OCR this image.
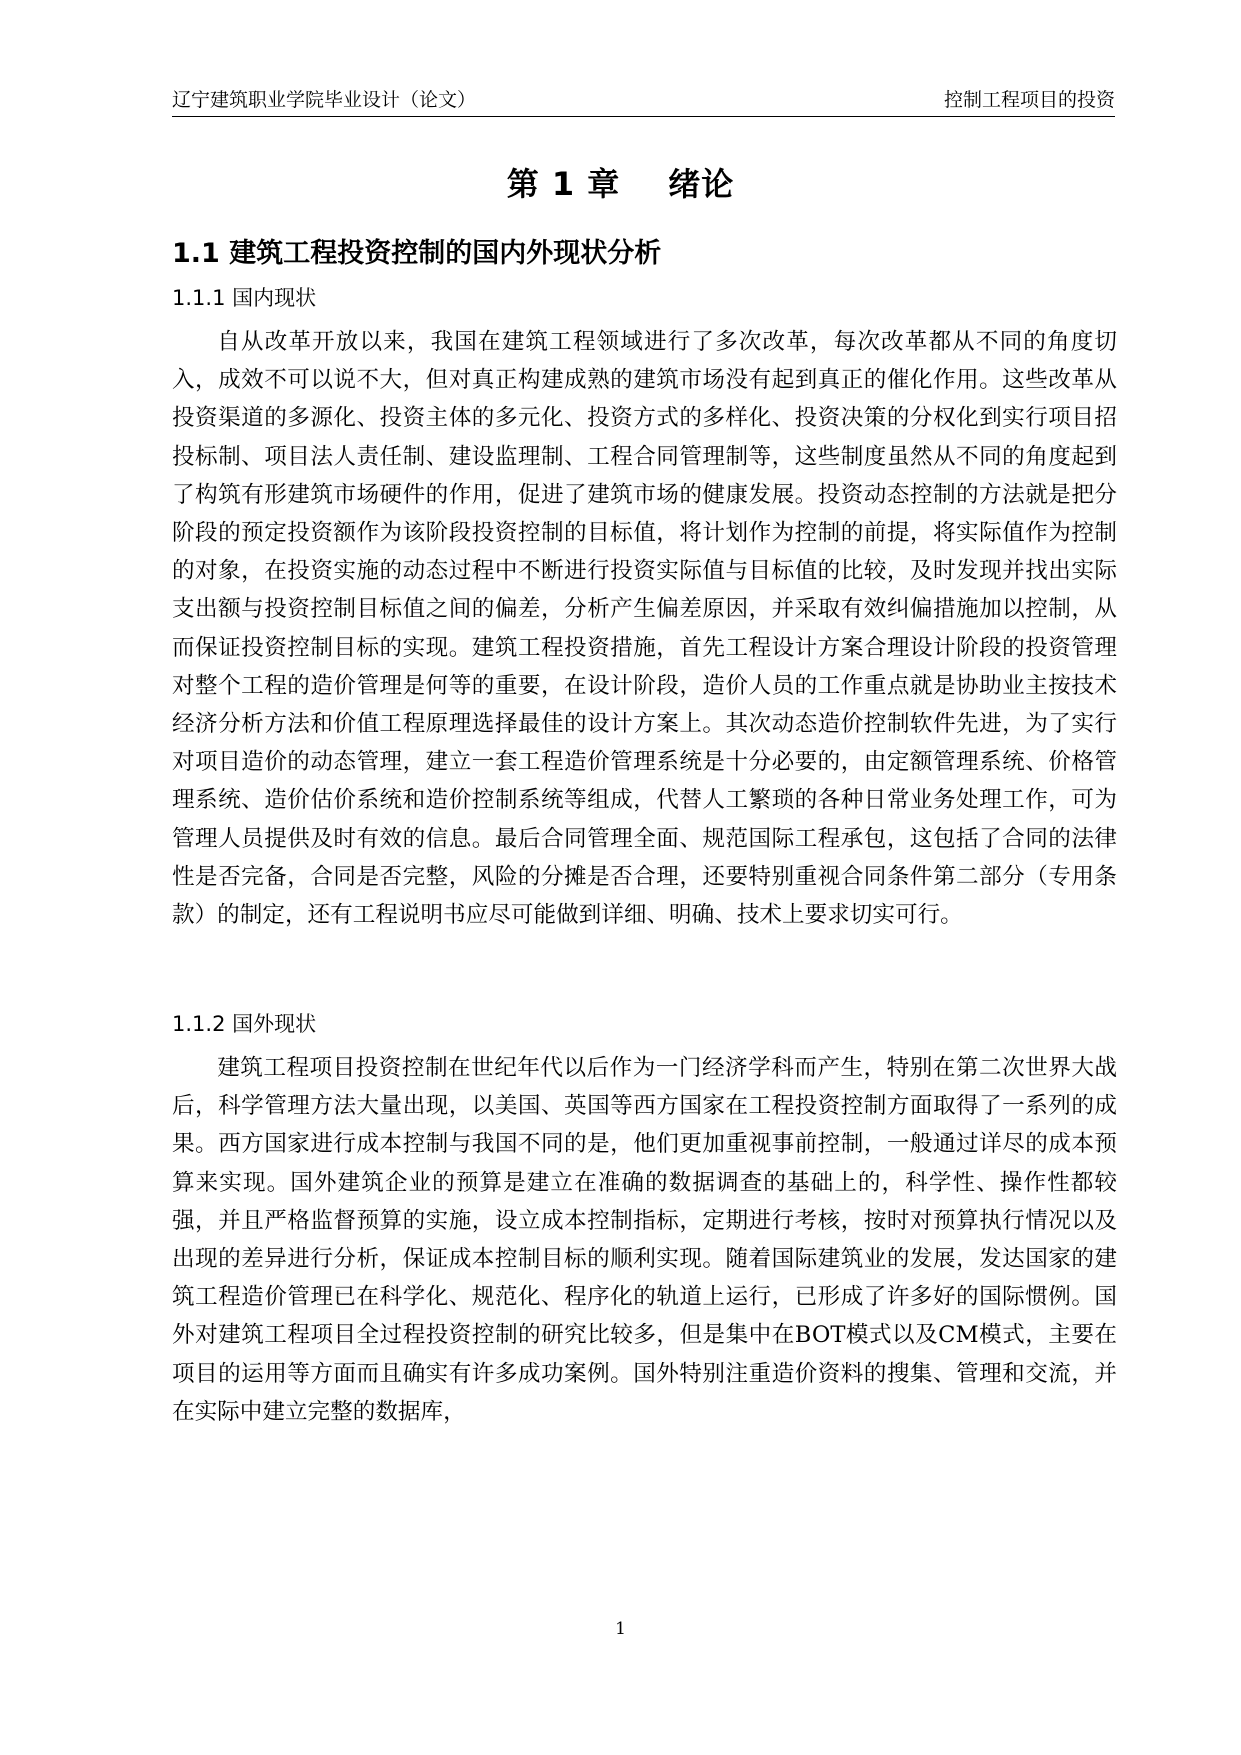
辽宁建筑职业学院毕业设计（论文）	控制工程项目的投资
第 1 章 绪论
1.1 建筑工程投资控制的国内外现状分析
1.1.1 国内现状

自从改革开放以来，我国在建筑工程领域进行了多次改革，每次改革都从不同的角度切入，成效不可以说不大，但对真正构建成熟的建筑市场没有起到真正的催化作用。这些改革从投资渠道的多源化、投资主体的多元化、投资方式的多样化、投资决策的分权化到实行项目招投标制、项目法人责任制、建设监理制、工程合同管理制等，这些制度虽然从不同的角度起到了构筑有形建筑市场硬件的作用，促进了建筑市场的健康发展。投资动态控制的方法就是把分阶段的预定投资额作为该阶段投资控制的目标值，将计划作为控制的前提，将实际值作为控制的对象，在投资实施的动态过程中不断进行投资实际值与目标值的比较，及时发现并找出实际支出额与投资控制目标值之间的偏差，分析产生偏差原因，并采取有效纠偏措施加以控制，从而保证投资控制目标的实现。建筑工程投资措施，首先工程设计方案合理设计阶段的投资管理对整个工程的造价管理是何等的重要，在设计阶段，造价人员的工作重点就是协助业主按技术经济分析方法和价值工程原理选择最佳的设计方案上。其次动态造价控制软件先进，为了实行对项目造价的动态管理，建立一套工程造价管理系统是十分必要的，由定额管理系统、价格管理系统、造价估价系统和造价控制系统等组成，代替人工繁琐的各种日常业务处理工作，可为管理人员提供及时有效的信息。最后合同管理全面、规范国际工程承包，这包括了合同的法律性是否完备，合同是否完整，风险的分摊是否合理，还要特别重视合同条件第二部分（专用条款）的制定，还有工程说明书应尽可能做到详细、明确、技术上要求切实可行。

1.1.2 国外现状

建筑工程项目投资控制在世纪年代以后作为一门经济学科而产生，特别在第二次世界大战后，科学管理方法大量出现，以美国、英国等西方国家在工程投资控制方面取得了一系列的成果。西方国家进行成本控制与我国不同的是，他们更加重视事前控制，一般通过详尽的成本预算来实现。国外建筑企业的预算是建立在准确的数据调查的基础上的，科学性、操作性都较强，并且严格监督预算的实施，设立成本控制指标，定期进行考核，按时对预算执行情况以及出现的差异进行分析，保证成本控制目标的顺利实现。随着国际建筑业的发展，发达国家的建筑工程造价管理已在科学化、规范化、程序化的轨道上运行，已形成了许多好的国际惯例。国外对建筑工程项目全过程投资控制的研究比较多，但是集中在BOT模式以及CM模式，主要在项目的运用等方面而且确实有许多成功案例。国外特别注重造价资料的搜集、管理和交流，并在实际中建立完整的数据库，

1
